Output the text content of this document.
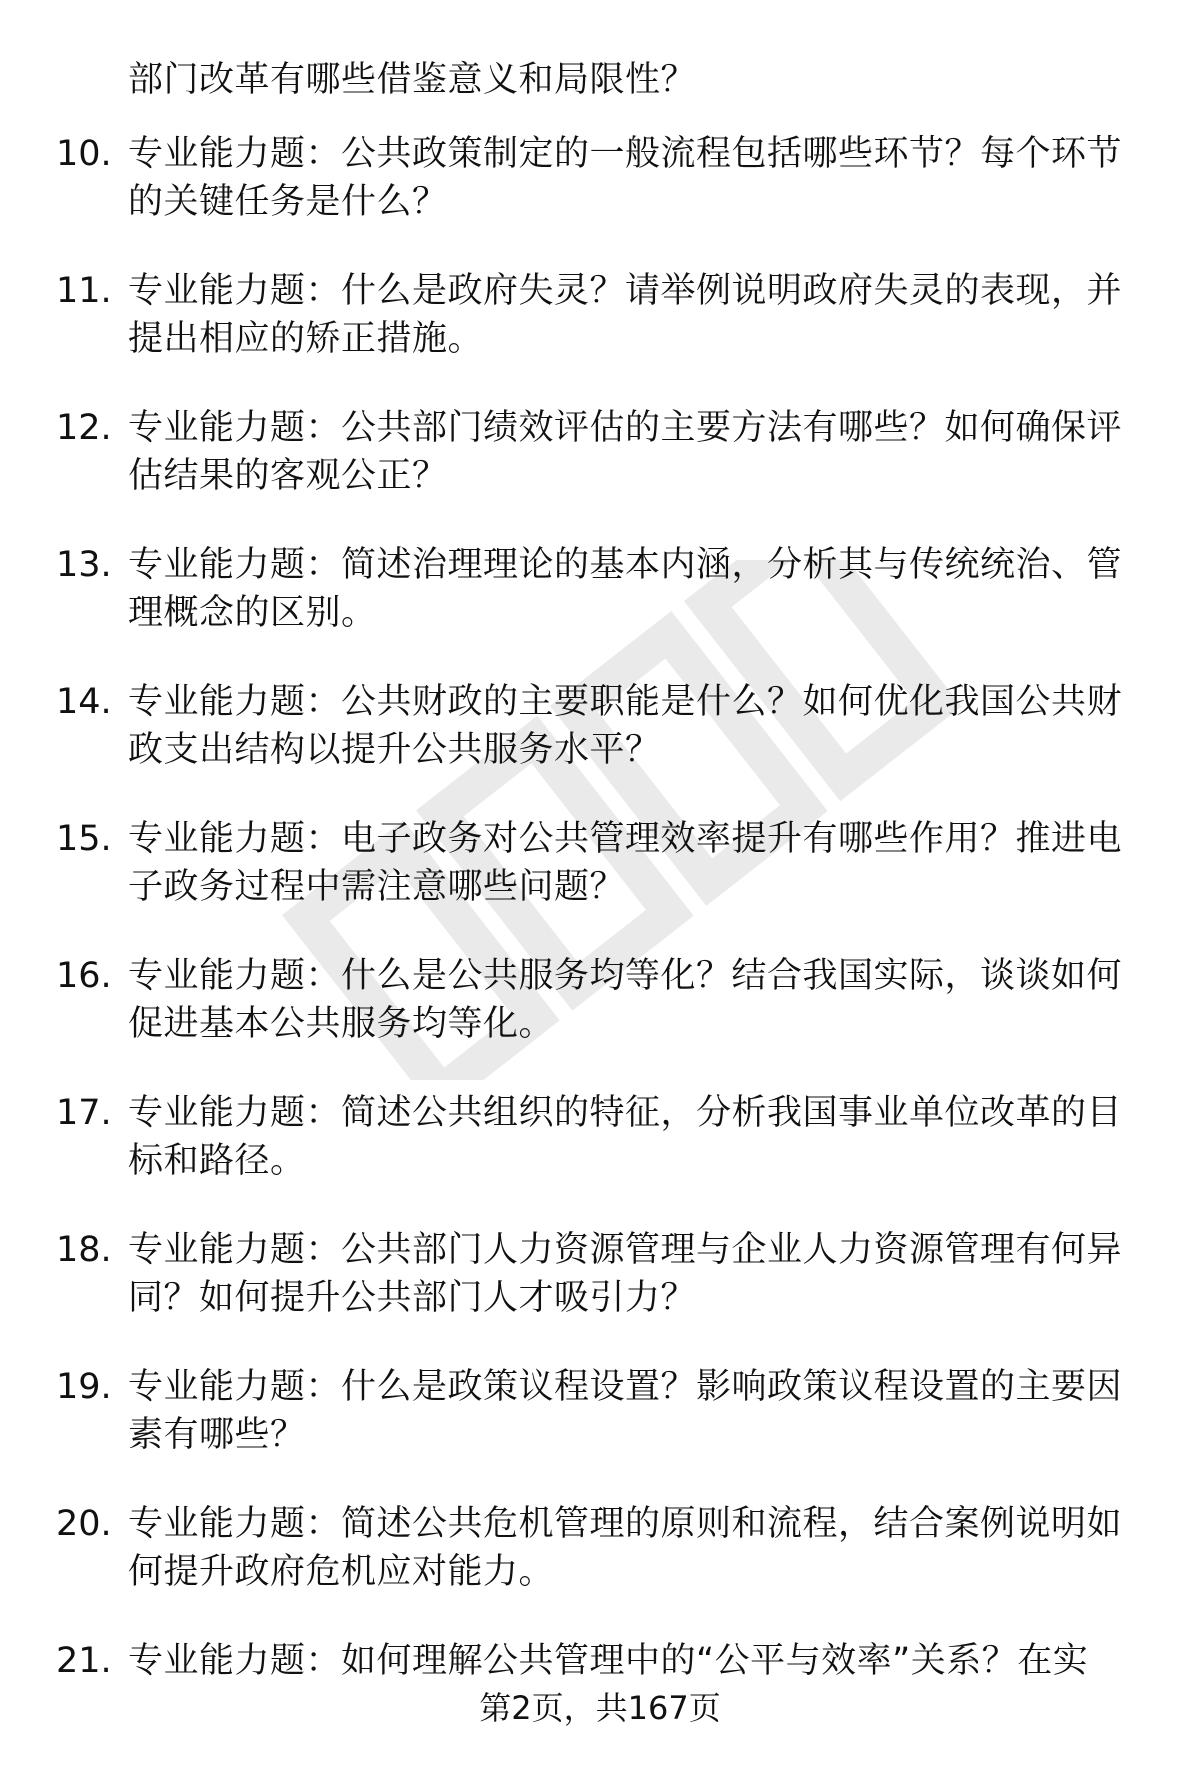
部门改革有哪些借鉴意义和局限性？
10. 专业能力题：公共政策制定的一般流程包括哪些环节？每个环节的关键任务是什么？
11. 专业能力题：什么是政府失灵？请举例说明政府失灵的表现，并提出相应的矫正措施。
12. 专业能力题：公共部门绩效评估的主要方法有哪些？如何确保评估结果的客观公正？
13. 专业能力题：简述治理理论的基本内涵，分析其与传统统治、管理概念的区别。
14. 专业能力题：公共财政的主要职能是什么？如何优化我国公共财政支出结构以提升公共服务水平？
15. 专业能力题：电子政务对公共管理效率提升有哪些作用？推进电子政务过程中需注意哪些问题？
16. 专业能力题：什么是公共服务均等化？结合我国实际，谈谈如何促进基本公共服务均等化。
17. 专业能力题：简述公共组织的特征，分析我国事业单位改革的目标和路径。
18. 专业能力题：公共部门人力资源管理与企业人力资源管理有何异同？如何提升公共部门人才吸引力？
19. 专业能力题：什么是政策议程设置？影响政策议程设置的主要因素有哪些？
20. 专业能力题：简述公共危机管理的原则和流程，结合案例说明如何提升政府危机应对能力。
21. 专业能力题：如何理解公共管理中的“公平与效率”关系？在实
第2页，共167页
